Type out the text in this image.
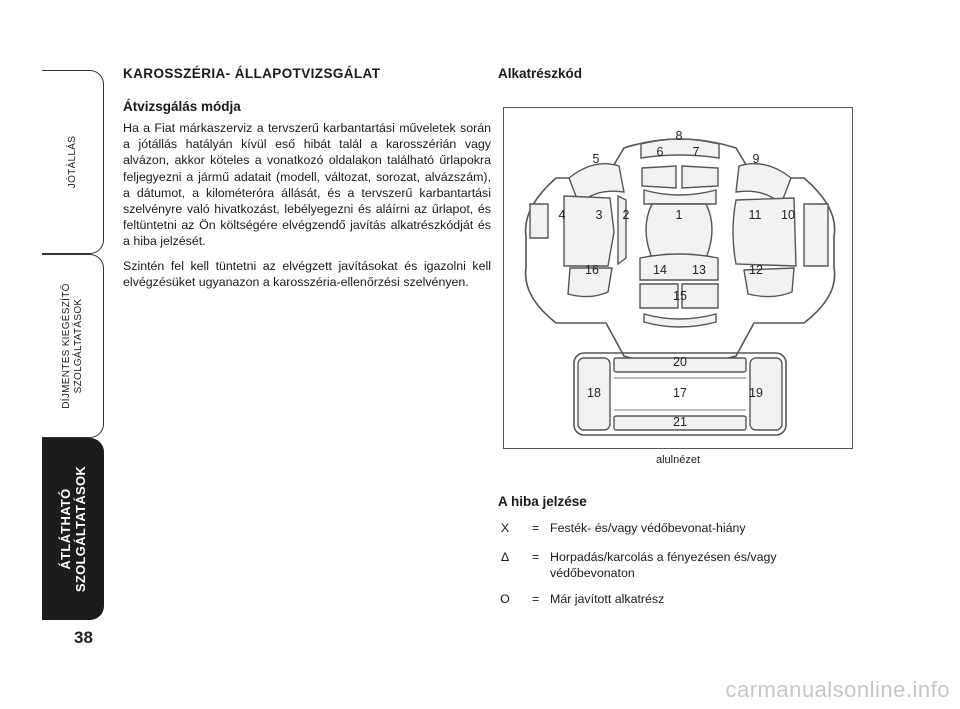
JÓTÁLLÁS
DÍJMENTES KIEGÉSZÍTŐ SZOLGÁLTATÁSOK
ÁTLÁTHATÓ SZOLGÁLTATÁSOK
38
KAROSSZÉRIA- ÁLLAPOTVIZSGÁLAT
Átvizsgálás módja

Ha a Fiat márkaszerviz a tervszerű karbantartási műveletek során a jótállás hatályán kívül eső hibát talál a karosszérián vagy alvázon, akkor köteles a vonatkozó oldalakon található űrlapokra feljegyezni a jármű adatait (modell, változat, sorozat, alvázszám), a dátumot, a kilométeróra állását, és a tervszerű karbantartási szelvényre való hivatkozást, lebélyegezni és aláírni az űrlapot, és feltüntetni az Ön költségére elvégzendő javítás alkatrészkódját és a hiba jelzését.

Szintén fel kell tüntetni az elvégzett javításokat és igazolni kell elvégzésüket ugyanazon a karosszéria-ellenőrzési szelvényen.

Alkatrészkód
8
6 7
5	9
4 3 2	1	11 10
16	14 13	12
15
20
18	17	19
21
alulnézet
A hiba jelzése
X = Festék- és/vagy védőbevonat-hiány
∆ = Horpadás/karcolás a fényezésen és/vagy védőbevonaton
O = Már javított alkatrész
carmanualsonline.info
